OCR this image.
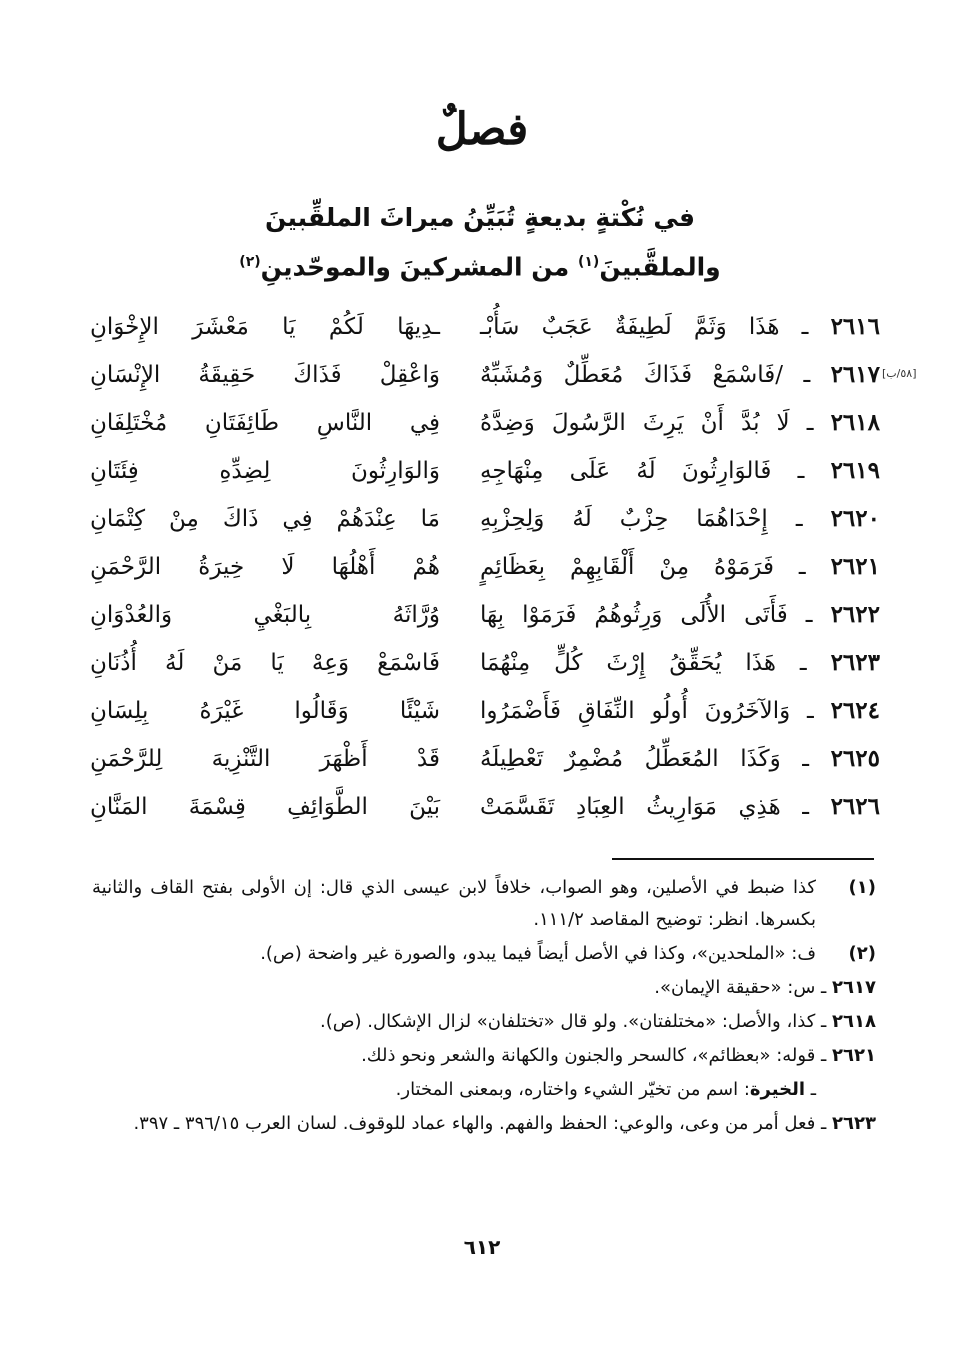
فصلٌ
في نُكْتةٍ بديعةٍ تُبَيِّنُ ميراثَ الملقِّبينَ
والملقَّبينَ$^{(١)}$ من المشركينَ والموحّدينِ$^{(٢)}$
[٥٨/ب]
٢٦١٦ ـ هَذَا وَثَمَّ لَطِيفَةٌ عَجَبٌ سَأُبْـ
ـدِيهَا لَكُمْ يَا مَعْشَرَ الإِخْوَانِ
٢٦١٧ ـ /فَاسْمَعْ فَذَاكَ مُعَطِّلٌ وَمُشَبِّهٌ
وَاعْقِلْ فَذَاكَ حَقِيقَةُ الإِنْسَانِ
٢٦١٨ ـ لَا بُدَّ أَنْ يَرِثَ الرَّسُولَ وَضِدَّهُ
فِي النَّاسِ طَائِفَتَانِ مُخْتَلِفَانِ
٢٦١٩ ـ فَالوَارِثُونَ لَهُ عَلَى مِنْهَاجِهِ
وَالوَارِثُونَ لِضِدِّهِ فِئَتَانِ
٢٦٢٠ ـ إِحْدَاهُمَا حِزْبٌ لَهُ وَلِحِزْبِهِ
مَا عِنْدَهُمْ فِي ذَاكَ مِنْ كِتْمَانِ
٢٦٢١ ـ فَرَمَوْهُ مِنْ أَلْقَابِهِمْ بِعَظَائِمٍ
هُمْ أَهْلُهَا لَا خِيرَةُ الرَّحْمَنِ
٢٦٢٢ ـ فَأَتَى الأُلَى وَرِثُوهُمُ فَرَمَوْا بِهَا
وُرَّاثَهُ بِالبَغْيِ وَالعُدْوَانِ
٢٦٢٣ ـ هَذَا يُحَقِّقُ إِرْثَ كُلٍّ مِنْهُمَا
فَاسْمَعْ وَعِهْ يَا مَنْ لَهُ أُذُنَانِ
٢٦٢٤ ـ وَالآخَرُونَ أُولُو النِّفَاقِ فَأَضْمَرُوا
شَيْئًا وَقَالُوا غَيْرَهُ بِلِسَانِ
٢٦٢٥ ـ وَكَذَا المُعَطِّلُ مُضْمِرٌ تَعْطِيلَهُ
قَدْ أَظْهَرَ التَّنْزِيهَ لِلرَّحْمَنِ
٢٦٢٦ ـ هَذِي مَوَارِيثُ العِبَادِ تَقَسَّمَتْ
بَيْنَ الطَّوَائِفِ قِسْمَةَ المَنَّانِ
(١)
كذا ضبط في الأصلين، وهو الصواب، خلافاً لابن عيسى الذي قال: إن الأولى بفتح القاف والثانية بكسرها. انظر: توضيح المقاصد ١١١/٢.
(٢)
ف: «الملحدين»، وكذا في الأصل أيضاً فيما يبدو، والصورة غير واضحة (ص).
٢٦١٧ ـ س: «حقيقة الإيمان».
٢٦١٨ ـ كذا، والأصل: «مختلفتان». ولو قال «تختلفان» لزال الإشكال. (ص).
٢٦٢١ ـ قوله: «بعظائم»، كالسحر والجنون والكهانة والشعر ونحو ذلك.
ـ الخيرة: اسم من تخيّر الشيء واختاره، وبمعنى المختار.
٢٦٢٣ ـ فعل أمر من وعى، والوعي: الحفظ والفهم. والهاء عماد للوقوف. لسان العرب ٣٩٦/١٥ ـ ٣٩٧.
٦١٢
